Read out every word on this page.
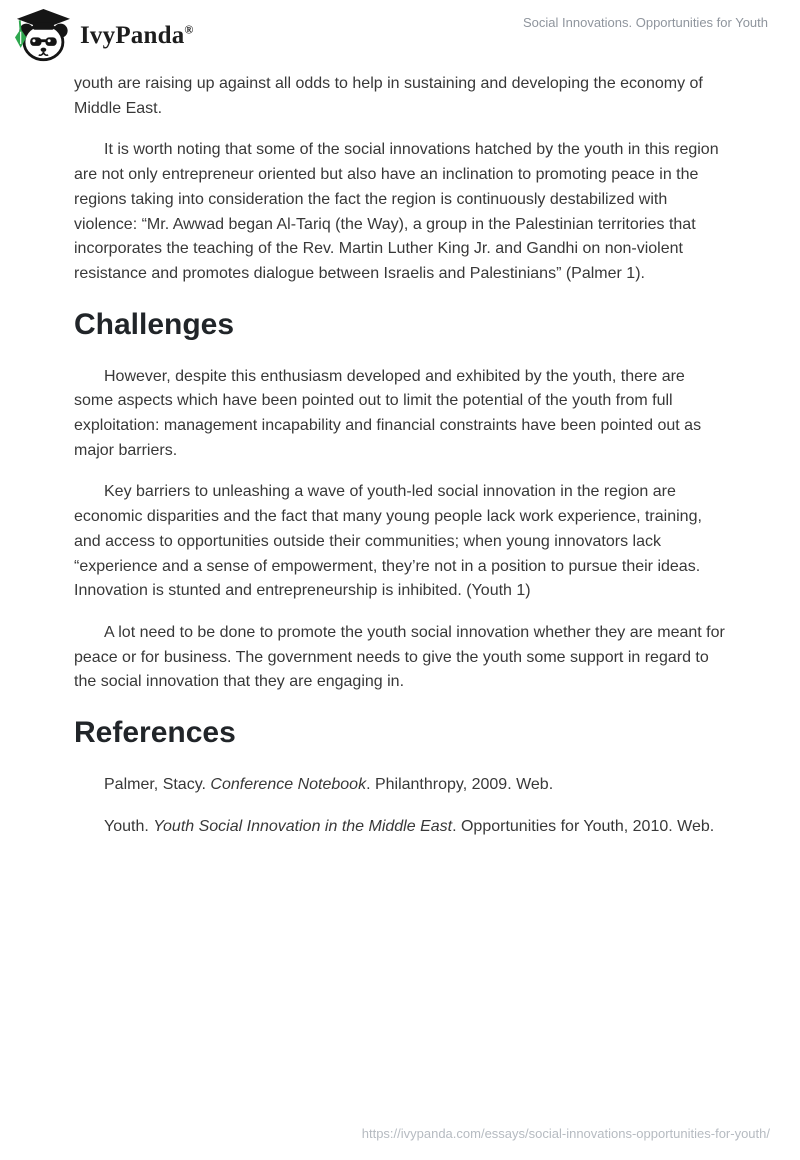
IvyPanda®	Social Innovations. Opportunities for Youth

youth are raising up against all odds to help in sustaining and developing the economy of Middle East.

It is worth noting that some of the social innovations hatched by the youth in this region are not only entrepreneur oriented but also have an inclination to promoting peace in the regions taking into consideration the fact the region is continuously destabilized with violence: “Mr. Awwad began Al-Tariq (the Way), a group in the Palestinian territories that incorporates the teaching of the Rev. Martin Luther King Jr. and Gandhi on non-violent resistance and promotes dialogue between Israelis and Palestinians” (Palmer 1).

Challenges

However, despite this enthusiasm developed and exhibited by the youth, there are some aspects which have been pointed out to limit the potential of the youth from full exploitation: management incapability and financial constraints have been pointed out as major barriers.

Key barriers to unleashing a wave of youth-led social innovation in the region are economic disparities and the fact that many young people lack work experience, training, and access to opportunities outside their communities; when young innovators lack “experience and a sense of empowerment, they’re not in a position to pursue their ideas. Innovation is stunted and entrepreneurship is inhibited. (Youth 1)

A lot need to be done to promote the youth social innovation whether they are meant for peace or for business. The government needs to give the youth some support in regard to the social innovation that they are engaging in.

References

Palmer, Stacy. Conference Notebook. Philanthropy, 2009. Web.

Youth. Youth Social Innovation in the Middle East. Opportunities for Youth, 2010. Web.

https://ivypanda.com/essays/social-innovations-opportunities-for-youth/
